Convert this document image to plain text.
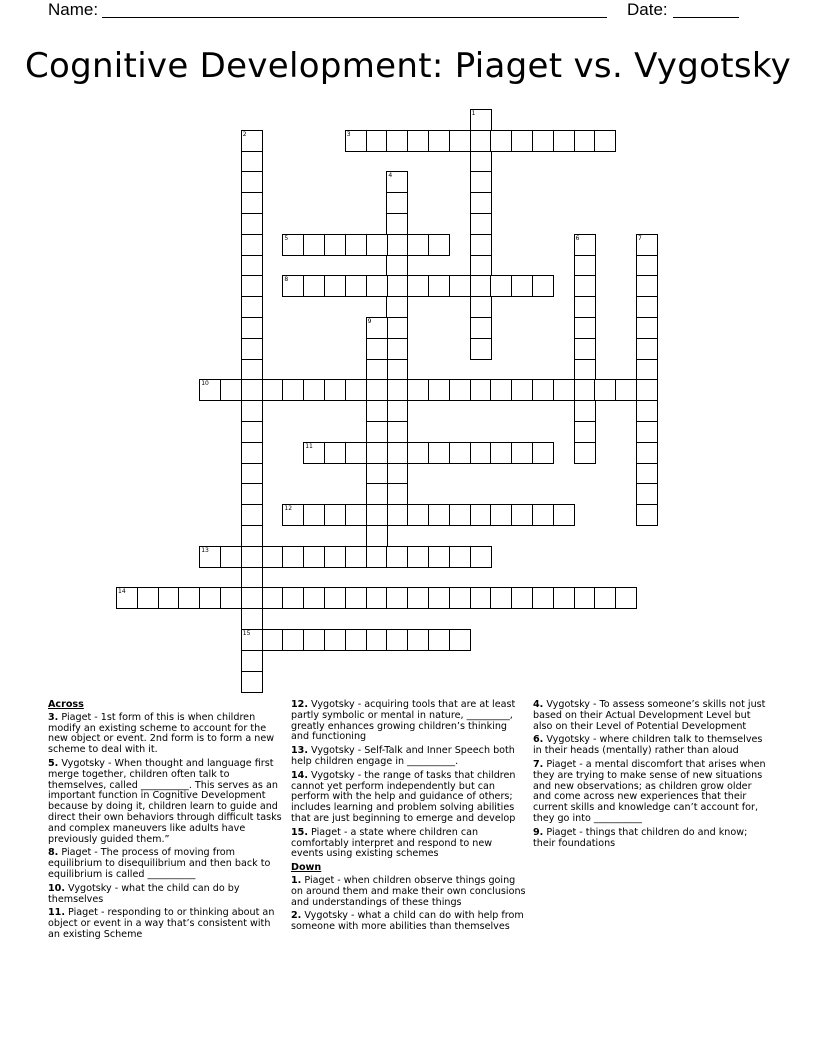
Name:	Date:
Cognitive Development: Piaget vs. Vygotsky
1
2
15
3
4
5	6	7
8
9
10
11
12
13
14
Across
3. Piaget - 1st form of this is when children modify an existing scheme to account for the new object or event. 2nd form is to form a new scheme to deal with it.
5. Vygotsky - When thought and language first merge together, children often talk to themselves, called __________. This serves as an important function in Cognitive Development because by doing it, children learn to guide and direct their own behaviors through difficult tasks and complex maneuvers like adults have previously guided them.”
8. Piaget - The process of moving from equilibrium to disequilibrium and then back to equilibrium is called __________
10. Vygotsky - what the child can do by themselves
11. Piaget - responding to or thinking about an object or event in a way that’s consistent with an existing Scheme
12. Vygotsky - acquiring tools that are at least partly symbolic or mental in nature, _________, greatly enhances growing children’s thinking and functioning
13. Vygotsky - Self-Talk and Inner Speech both help children engage in __________.
14. Vygotsky - the range of tasks that children cannot yet perform independently but can perform with the help and guidance of others; includes learning and problem solving abilities that are just beginning to emerge and develop
15. Piaget - a state where children can comfortably interpret and respond to new events using existing schemes
Down
1. Piaget - when children observe things going on around them and make their own conclusions and understandings of these things
2. Vygotsky - what a child can do with help from someone with more abilities than themselves
4. Vygotsky - To assess someone’s skills not just based on their Actual Development Level but also on their Level of Potential Development
6. Vygotsky - where children talk to themselves in their heads (mentally) rather than aloud
7. Piaget - a mental discomfort that arises when they are trying to make sense of new situations and new observations; as children grow older and come across new experiences that their current skills and knowledge can’t account for, they go into __________
9. Piaget - things that children do and know; their foundations
